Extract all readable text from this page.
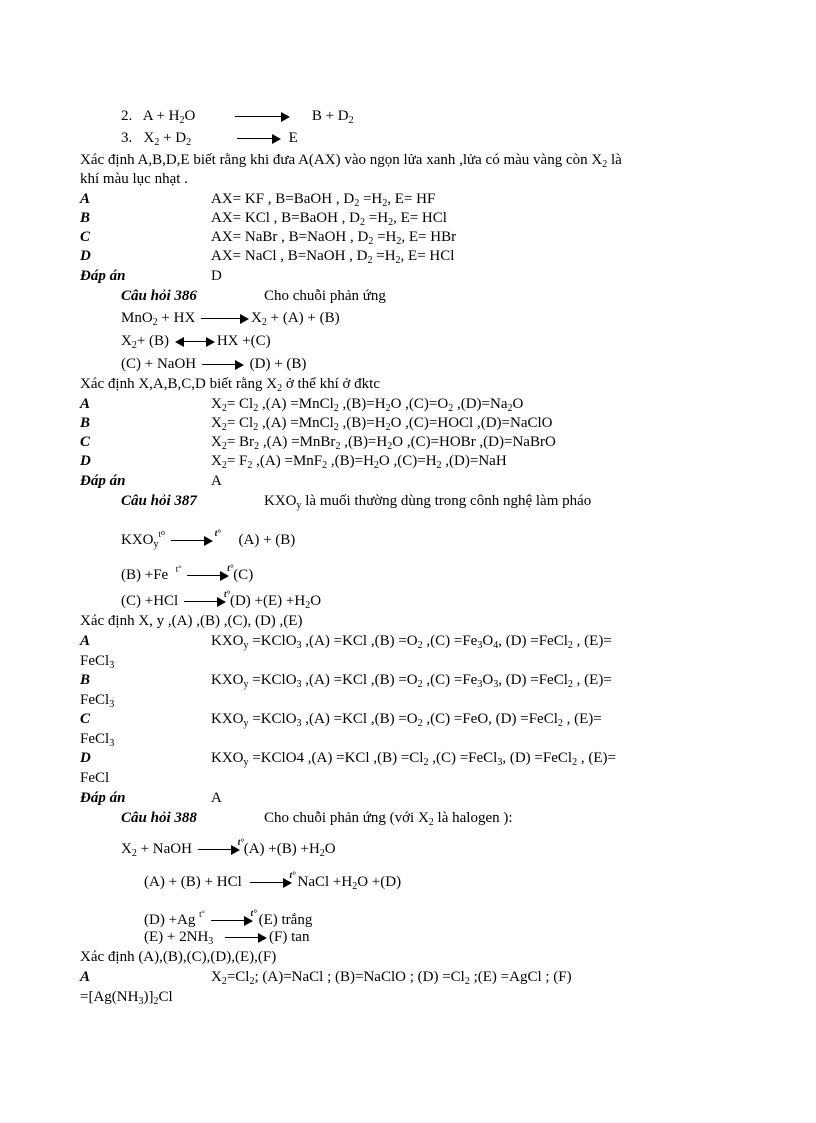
2. $A + H_2O$	$B + D_2$
3. $X_2 + D_2$	E
Xác định A,B,D,E biết rằng khi đưa A(AX) vào ngọn lửa xanh ,lửa có màu vàng còn $X_2$ là
khí màu lục nhạt .
A	AX= KF , B=BaOH , $D_2 =H_2$, E= HF
B	AX= KCl , B=BaOH , $D_2 =H_2$, E= HCl
C	AX= NaBr , B=NaOH , $D_2 =H_2$, E= HBr
D	AX= NaCl , B=NaOH , $D_2 =H_2$, E= HCl
Đáp án	D
Câu hỏi 386	Cho chuỗi phản ứng
MnO$_2$ + HX	$X_2 + (A) + (B)$
$X_2+ (B)$	HX +(C)
(C) + NaOH	(D) + (B)
Xác định X,A,B,C,D biết rằng $X_2$ ở thể khí ở đktc
A	$X_2= Cl_2$ ,(A) =MnCl$_2$ $,(B)=H_2O$ $,(C)=O_2$ $,(D)=Na_2O$
B	$X_2= Cl_2$ ,(A) =MnCl$_2$ $,(B)=H_2O$ ,(C)=HOCl ,(D)=NaClO
C	$X_2= Br_2$ ,(A) =MnBr$_2$ $,(B)=H_2O$ ,(C)=HOBr ,(D)=NaBrO
D	$X_2= F_2$ ,(A) =MnF$_2$ $,(B)=H_2O$ $,(C)=H_2$ ,(D)=NaH
Đáp án	A
Câu hỏi 387	$KXO_y$ là muối thường dùng trong cônh nghệ làm pháo
$KXO_y^{to}$	t° (A) + (B)
(B) +Fe $^{t^\circ}$	t° (C)
(C) +HCl	t° $(D) +(E) +H_2O$
Xác định X, y ,(A) ,(B) ,(C), (D) ,(E)
A	$KXO_y$ =KClO$_3$ ,(A) =KCl $,(B) =O_2$ $,(C) =Fe_3O_4$, (D) =FeCl$_2$ , (E)=
FeCl$_3$
B	$KXO_y$ =KClO$_3$ ,(A) =KCl $,(B) =O_2$ $,(C) =Fe_3O_3$, (D) =FeCl$_2$ , (E)=
FeCl$_3$
C	$KXO_y$ =KClO$_3$ ,(A) =KCl $,(B) =O_2$ ,(C) =FeO, (D) =FeCl$_2$ , (E)=
FeCl$_3$
D	$KXO_y$ =KClO4 ,(A) =KCl $,(B) =Cl_2$ ,(C) =FeCl$_3$, (D) =FeCl$_2$ , (E)=
FeCl
Đáp án	A
Câu hỏi 388	Cho chuỗi phản ứng (với $X_2$ là halogen ):
$X_2$ + NaOH	t° $(A) +(B) +H_2O$
(A) + (B) + HCl	t° NaCl $+H_2O +(D)$
(D) +Ag $^{t^\circ}$	t° (E) trắng
$(E) + 2NH_3$	(F) tan
Xác định (A),(B),(C),(D),(E),(F)
A	$X_2=Cl_2$; (A)=NaCl ; (B)=NaClO ; $(D) =Cl_2$ ;(E) =AgCl ; (F)
$=[Ag(NH_3)]_2Cl$
